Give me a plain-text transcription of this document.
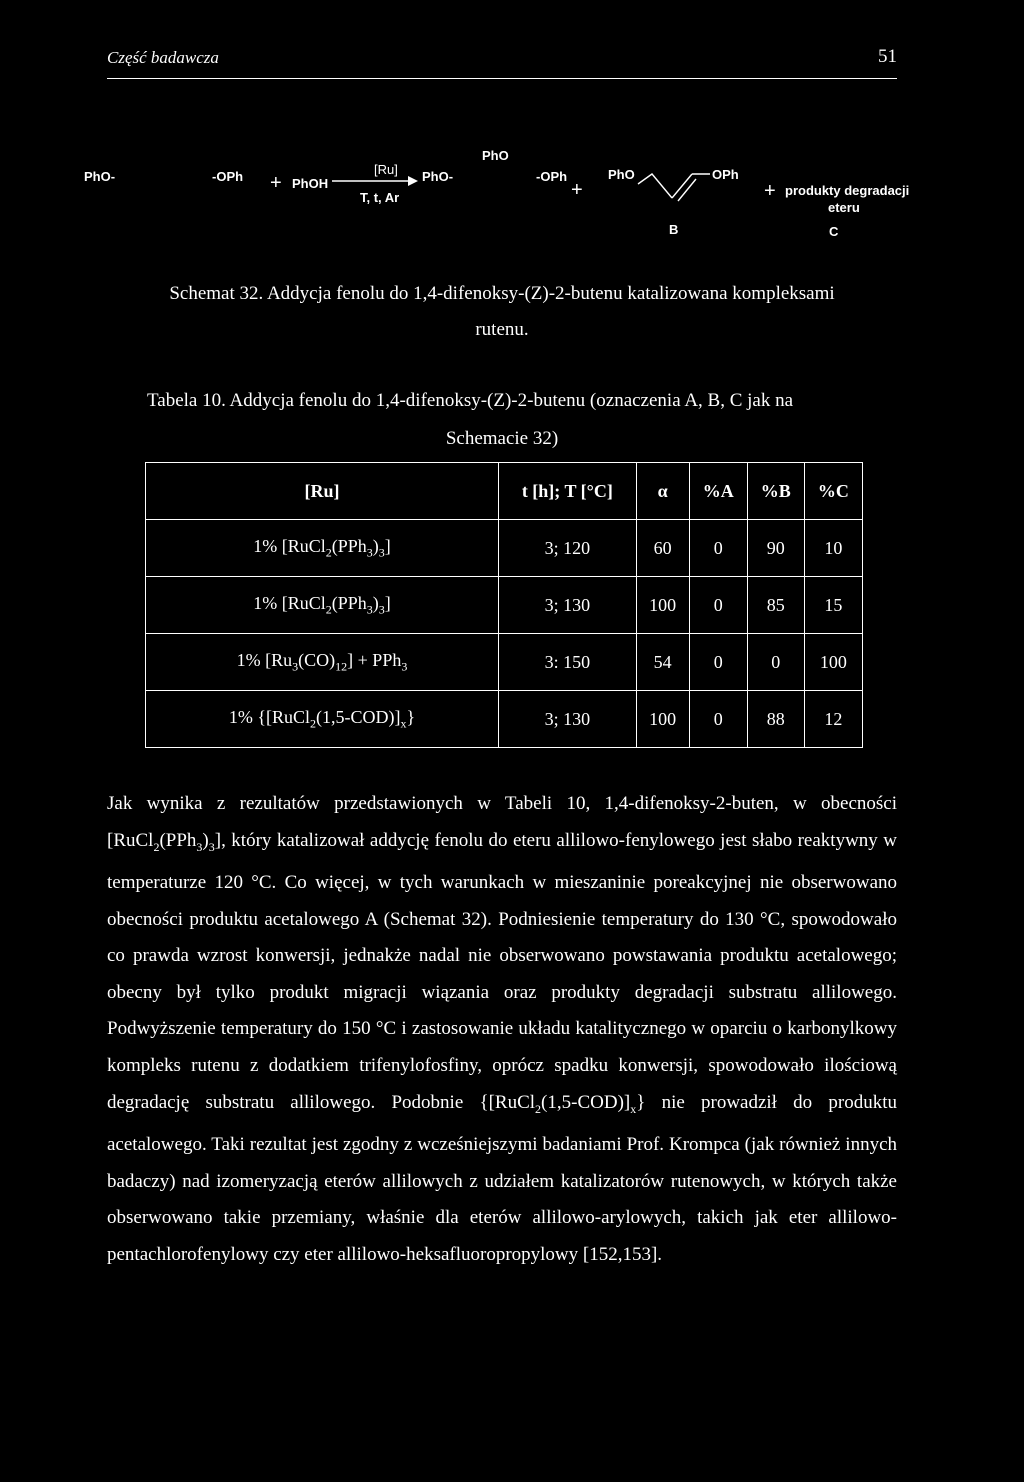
Część badawcza	51
PhO-	-OPh + PhOH
[Ru]
T, t, Ar
PhO
PhO-	-OPh
+
PhO	OPh
+ produkty degradacji
eteru
B	C
Schemat 32. Addycja fenolu do 1,4-difenoksy-(Z)-2-butenu katalizowana kompleksami
rutenu.
Tabela 10. Addycja fenolu do 1,4-difenoksy-(Z)-2-butenu (oznaczenia A, B, C jak na
Schemacie 32)
[Ru]	t [h]; T [°C]	α	%A	%B	%C
1% $[RuCl_2(PPh_3)_3]$	3; 120	60	0	90	10
1% $[RuCl_2(PPh_3)_3]$	3; 130	100	0	85	15
1% $[Ru_3(CO)_{12}] + PPh_3$	3: 150	54	0	0	100
1% $\{[RuCl_2(1,5-COD)]_x\}$	3; 130	100	0	88	12

Jak wynika z rezultatów przedstawionych w Tabeli 10, 1,4-difenoksy-2-buten, w obecności $[RuCl_2(PPh_3)_3]$, który katalizował addycję fenolu do eteru allilowo-fenylowego jest słabo reaktywny w temperaturze 120 °C. Co więcej, w tych warunkach w mieszaninie poreakcyjnej nie obserwowano obecności produktu acetalowego A (Schemat 32). Podniesienie temperatury do 130 °C, spowodowało co prawda wzrost konwersji, jednakże nadal nie obserwowano powstawania produktu acetalowego; obecny był tylko produkt migracji wiązania oraz produkty degradacji substratu allilowego. Podwyższenie temperatury do 150 °C i zastosowanie układu katalitycznego w oparciu o karbonylkowy kompleks rutenu z dodatkiem trifenylofosfiny, oprócz spadku konwersji, spowodowało ilościową degradację substratu allilowego. Podobnie $\{[RuCl_2(1,5-COD)]_x\}$ nie prowadził do produktu acetalowego. Taki rezultat jest zgodny z wcześniejszymi badaniami Prof. Krompca (jak również innych badaczy) nad izomeryzacją eterów allilowych z udziałem katalizatorów rutenowych, w których także obserwowano takie przemiany, właśnie dla eterów allilowo-arylowych, takich jak eter allilowo-pentachlorofenylowy czy eter allilowo-heksafluoropropylowy [152,153].
